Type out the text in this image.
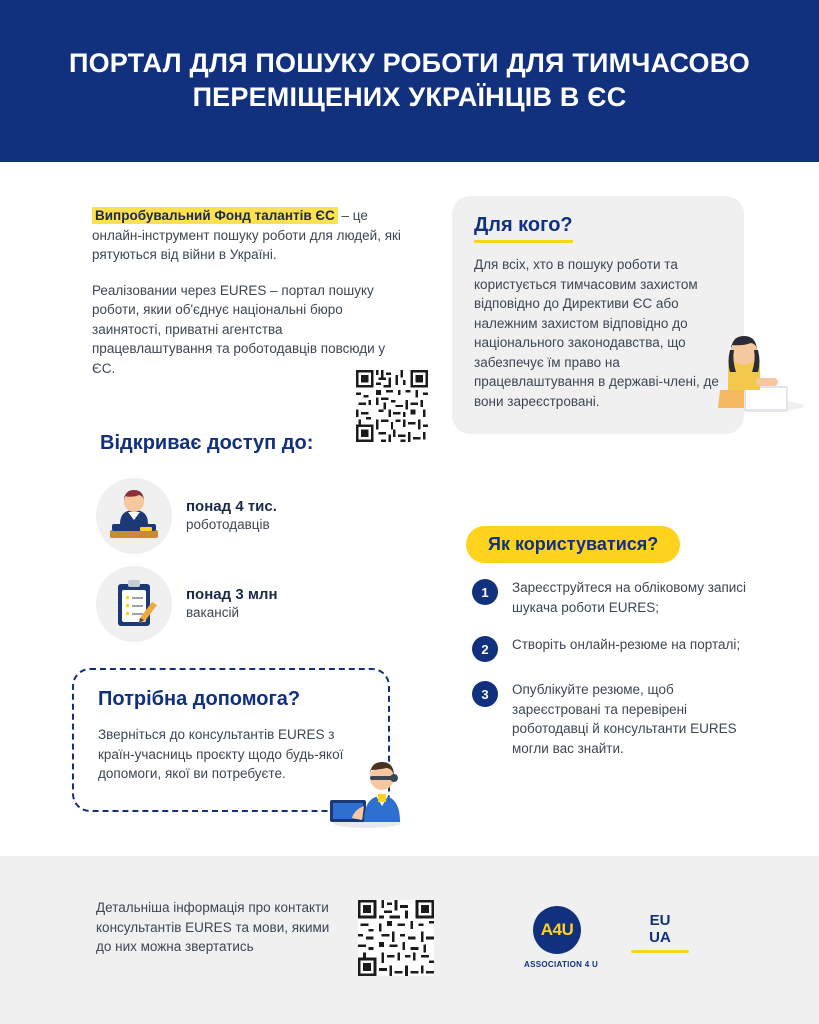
ПОРТАЛ ДЛЯ ПОШУКУ РОБОТИ ДЛЯ ТИМЧАСОВО ПЕРЕМІЩЕНИХ УКРАЇНЦІВ В ЄС

Випробувальний Фонд талантів ЄС – це онлайн-інструмент пошуку роботи для людей, які рятуються від війни в Україні.

Реалізовании через EURES – портал пошуку роботи, якии об'єднує національні бюро заинятості, приватні агентства працевлаштування та роботодавців повсюди у ЄС.

Для кого?

Для всіх, хто в пошуку роботи та користується тимчасовим захистом відповідно до Директиви ЄС або належним захистом відповідно до національного законодавства, що забезпечує їм право на працевлаштування в державі-члені, де вони зареєстровані.

Відкриває доступ до:
понад 4 тис.
роботодавців
понад 3 млн
вакансій
Як користуватися?
1	Зареєструйтеся на обліковому записі шукача роботи EURES;
2	Створіть онлайн-резюме на порталі;
3	Опублікуйте резюме, щоб зареєстровані та перевірені роботодавці й консультанти EURES могли вас знайти.
Потрібна допомога?

Зверніться до консультантів EURES з країн-учасниць проєкту щодо будь-якої допомоги, якої ви потребуєте.

Детальніша інформація про контакти консультантів EURES та мови, якими до них можна звертатись
A4U
ASSOCIATION 4 U
EU
UA
